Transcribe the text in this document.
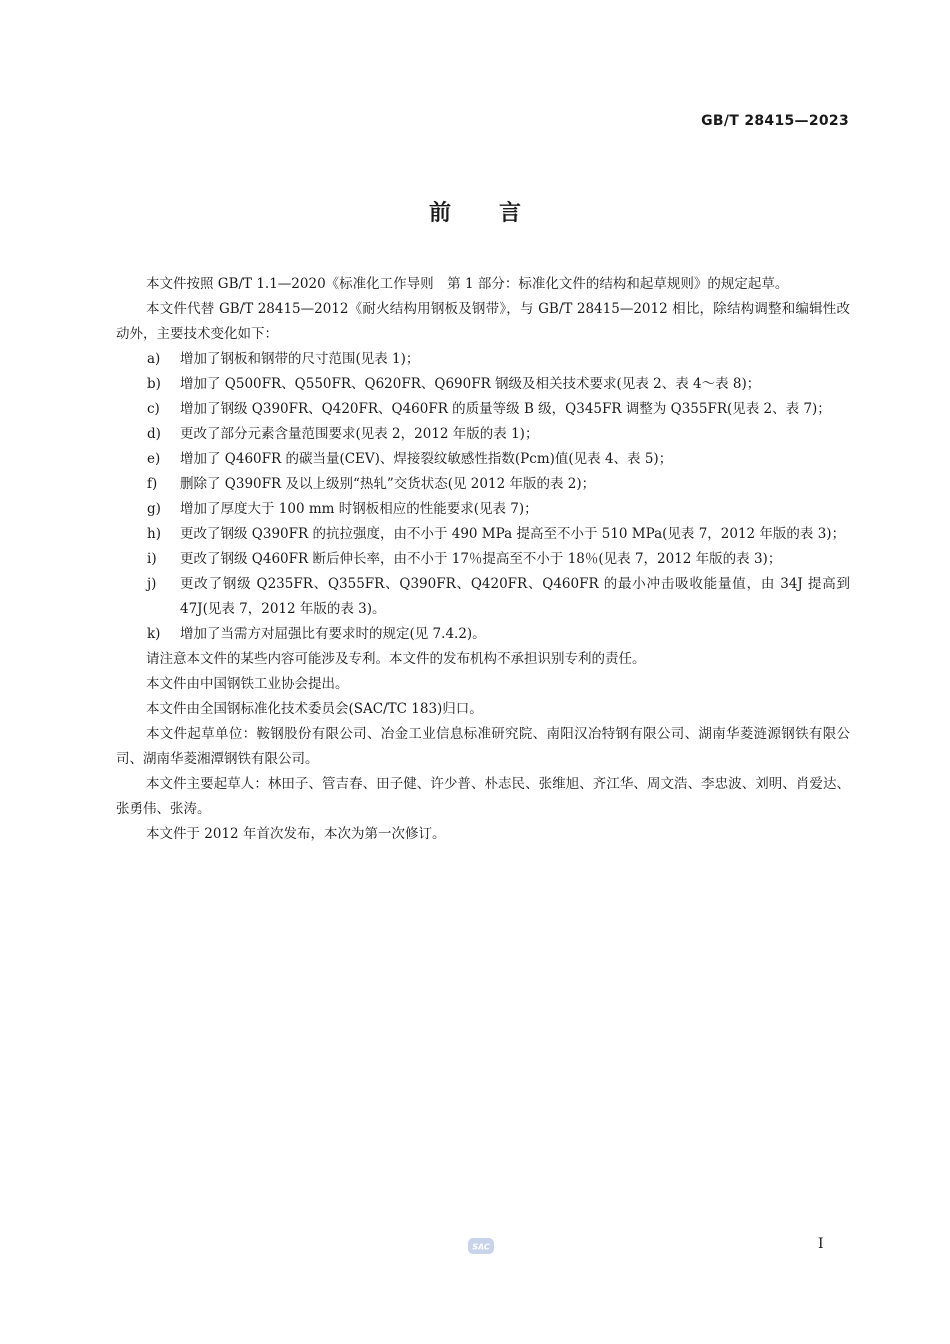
GB/T 28415—2023
前言

本文件按照 GB/T 1.1—2020《标准化工作导则　第 1 部分：标准化文件的结构和起草规则》的规定起草。

本文件代替 GB/T 28415—2012《耐火结构用钢板及钢带》，与 GB/T 28415—2012 相比，除结构调整和编辑性改动外，主要技术变化如下：

a) 增加了钢板和钢带的尺寸范围(见表 1)；
b) 增加了 Q500FR、Q550FR、Q620FR、Q690FR 钢级及相关技术要求(见表 2、表 4～表 8)；
c) 增加了钢级 Q390FR、Q420FR、Q460FR 的质量等级 B 级，Q345FR 调整为 Q355FR(见表 2、表 7)；
d) 更改了部分元素含量范围要求(见表 2，2012 年版的表 1)；
e) 增加了 Q460FR 的碳当量(CEV)、焊接裂纹敏感性指数(Pcm)值(见表 4、表 5)；
f) 删除了 Q390FR 及以上级别“热轧”交货状态(见 2012 年版的表 2)；
g) 增加了厚度大于 100 mm 时钢板相应的性能要求(见表 7)；
h) 更改了钢级 Q390FR 的抗拉强度，由不小于 490 MPa 提高至不小于 510 MPa(见表 7，2012 年版的表 3)；
i) 更改了钢级 Q460FR 断后伸长率，由不小于 17％提高至不小于 18％(见表 7，2012 年版的表 3)；
j) 更改了钢级 Q235FR、Q355FR、Q390FR、Q420FR、Q460FR 的最小冲击吸收能量值，由 34J 提高到 47J(见表 7，2012 年版的表 3)。
k) 增加了当需方对屈强比有要求时的规定(见 7.4.2)。

请注意本文件的某些内容可能涉及专利。本文件的发布机构不承担识别专利的责任。

本文件由中国钢铁工业协会提出。

本文件由全国钢标准化技术委员会(SAC/TC 183)归口。

本文件起草单位：鞍钢股份有限公司、冶金工业信息标准研究院、南阳汉冶特钢有限公司、湖南华菱涟源钢铁有限公司、湖南华菱湘潭钢铁有限公司。

本文件主要起草人：林田子、管吉春、田子健、许少普、朴志民、张维旭、齐江华、周文浩、李忠波、刘明、肖爱达、张勇伟、张涛。

本文件于 2012 年首次发布，本次为第一次修订。

SAC	I
